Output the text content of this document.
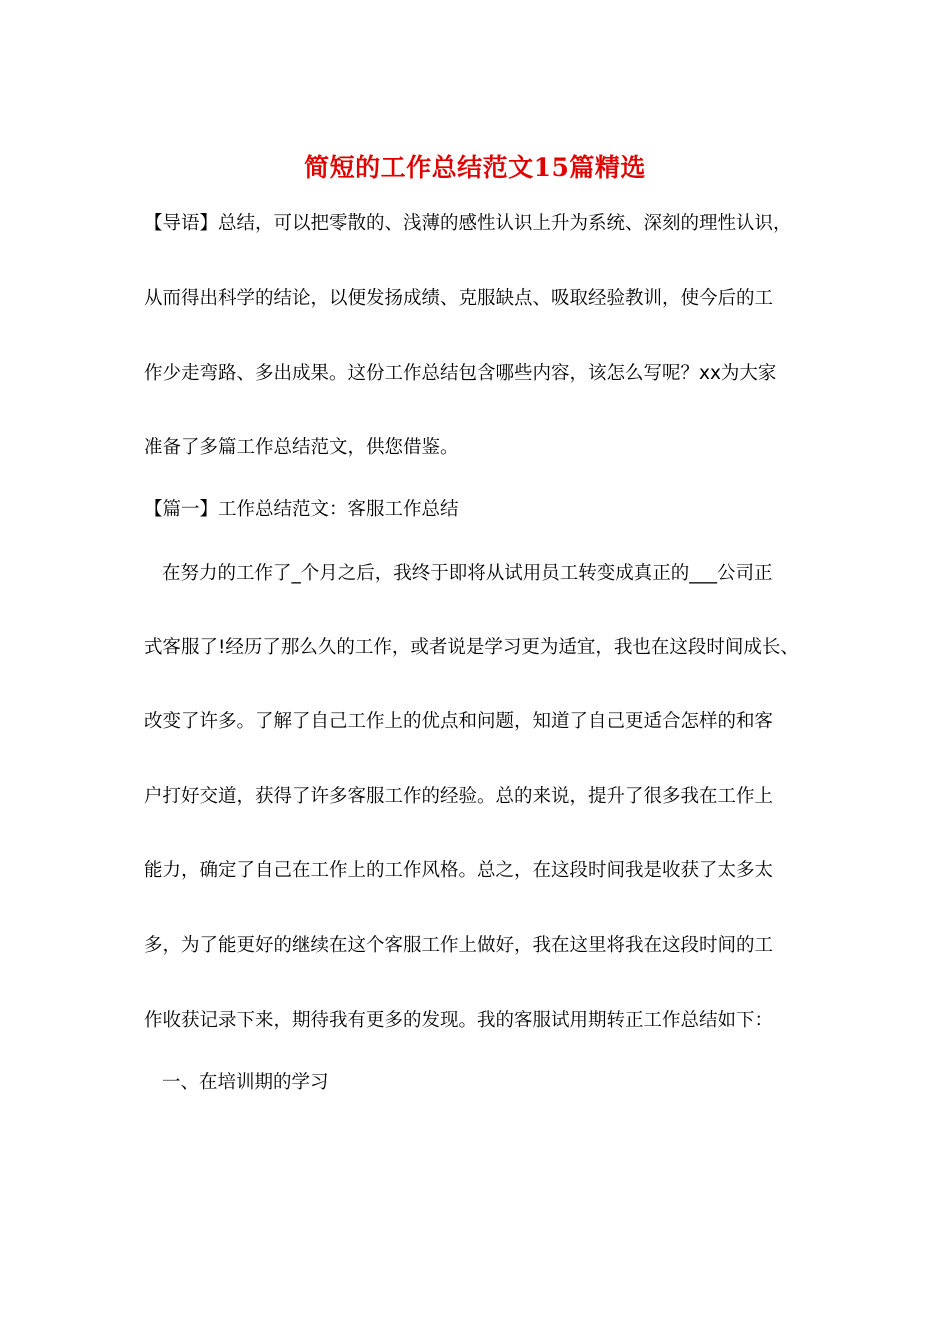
简短的工作总结范文15篇精选
【导语】总结，可以把零散的、浅薄的感性认识上升为系统、深刻的理性认识，
从而得出科学的结论，以便发扬成绩、克服缺点、吸取经验教训，使今后的工
作少走弯路、多出成果。这份工作总结包含哪些内容，该怎么写呢？xx为大家
准备了多篇工作总结范文，供您借鉴。
【篇一】工作总结范文：客服工作总结
在努力的工作了_个月之后，我终于即将从试用员工转变成真正的___公司正
式客服了!经历了那么久的工作，或者说是学习更为适宜，我也在这段时间成长、
改变了许多。了解了自己工作上的优点和问题，知道了自己更适合怎样的和客
户打好交道，获得了许多客服工作的经验。总的来说，提升了很多我在工作上
能力，确定了自己在工作上的工作风格。总之，在这段时间我是收获了太多太
多，为了能更好的继续在这个客服工作上做好，我在这里将我在这段时间的工
作收获记录下来，期待我有更多的发现。我的客服试用期转正工作总结如下：
一、在培训期的学习
